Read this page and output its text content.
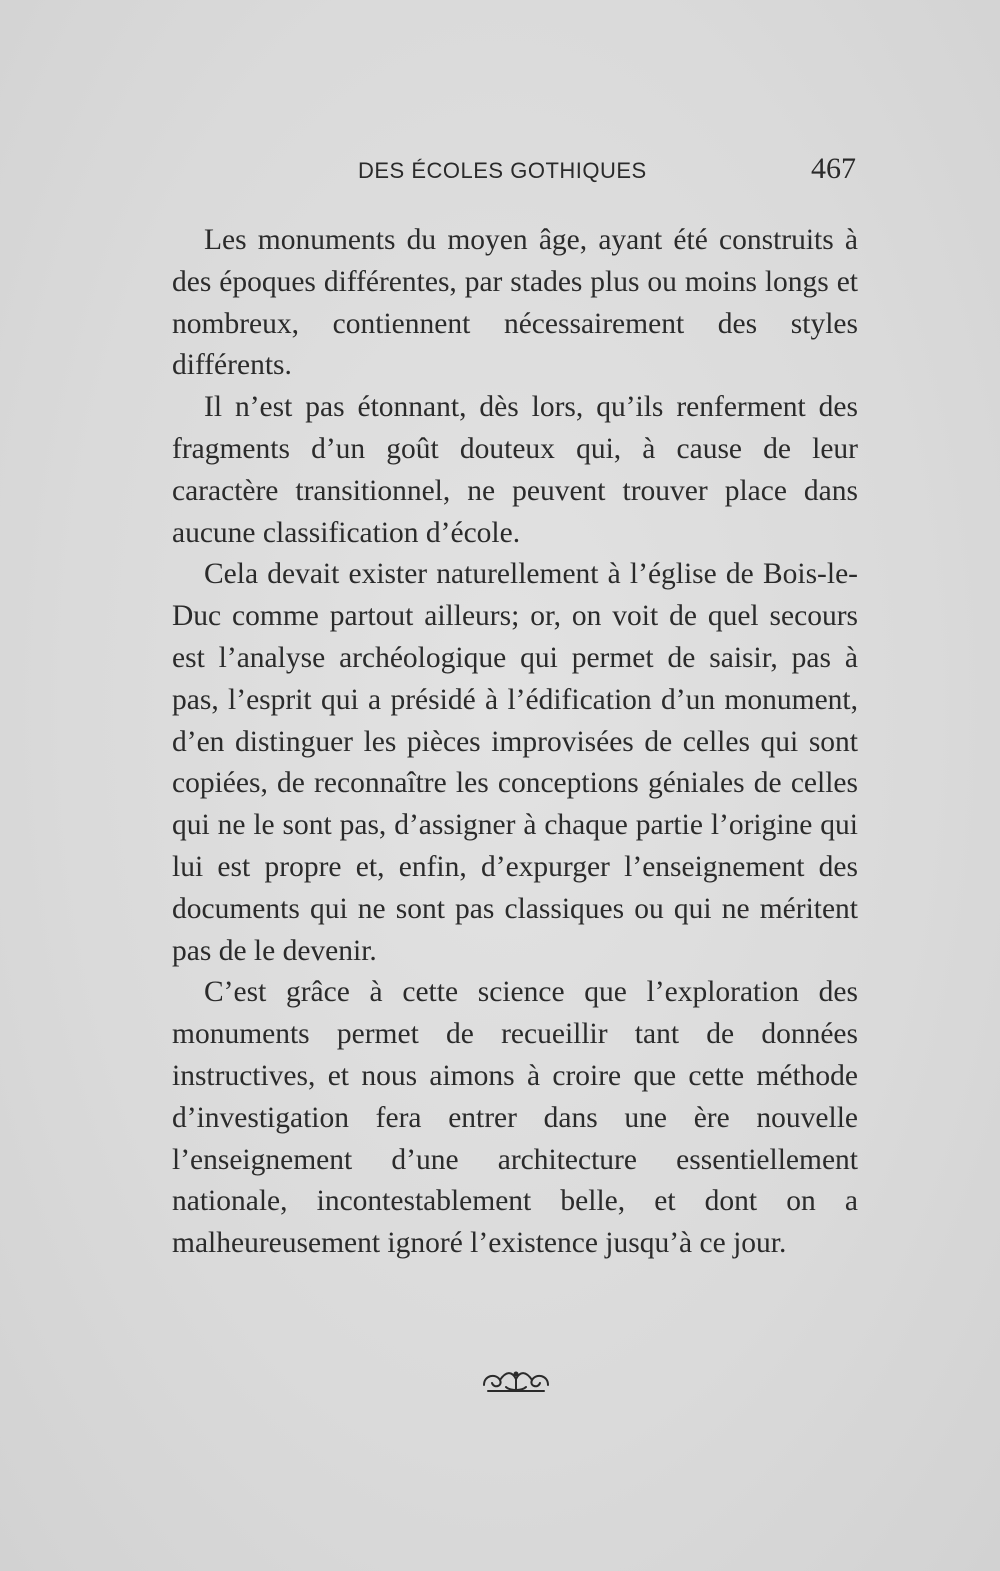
DES ÉCOLES GOTHIQUES	467

Les monuments du moyen âge, ayant été construits à des époques différentes, par stades plus ou moins longs et nombreux, contiennent nécessairement des styles différents.

Il n’est pas étonnant, dès lors, qu’ils renferment des fragments d’un goût douteux qui, à cause de leur caractère transitionnel, ne peuvent trouver place dans aucune classification d’école.

Cela devait exister naturellement à l’église de Bois-le-Duc comme partout ailleurs; or, on voit de quel secours est l’analyse archéologique qui permet de saisir, pas à pas, l’esprit qui a présidé à l’édification d’un monument, d’en distinguer les pièces improvisées de celles qui sont copiées, de reconnaître les conceptions géniales de celles qui ne le sont pas, d’assigner à chaque partie l’origine qui lui est propre et, enfin, d’expurger l’enseignement des documents qui ne sont pas classiques ou qui ne méritent pas de le devenir.

C’est grâce à cette science que l’exploration des monuments permet de recueillir tant de données instructives, et nous aimons à croire que cette méthode d’investigation fera entrer dans une ère nouvelle l’enseignement d’une architecture essentiellement nationale, incontestablement belle, et dont on a malheureusement ignoré l’existence jusqu’à ce jour.
